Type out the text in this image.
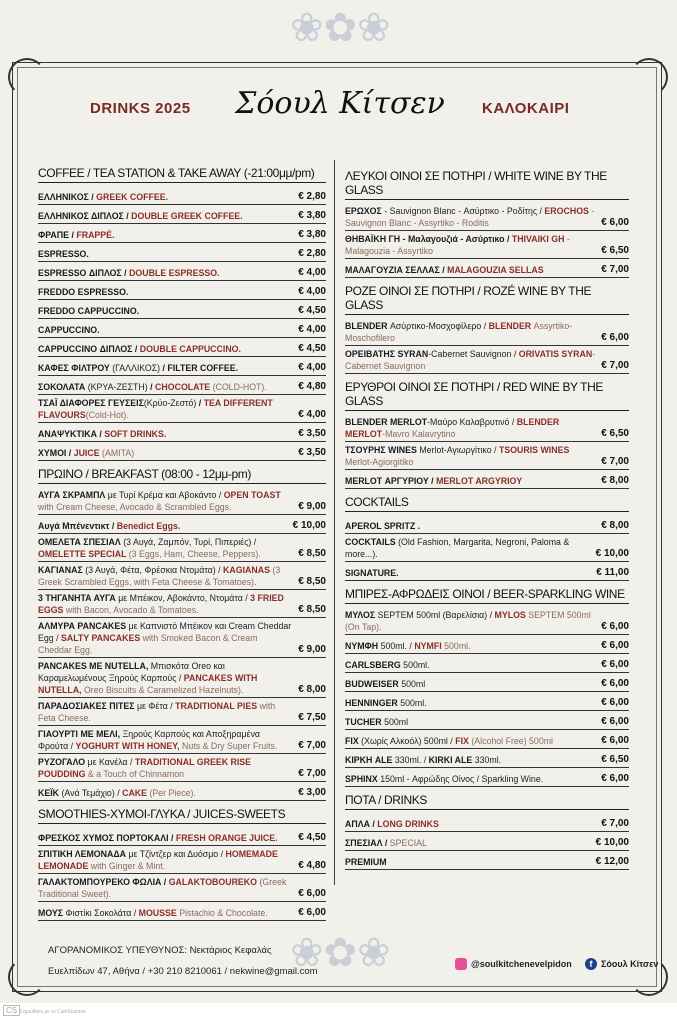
❀✿❀
❀✿❀
DRINKS 2025	Σόουλ Κίτσεν	ΚΑΛΟΚΑΙΡΙ
COFFEE / TEA STATION & TAKE AWAY (-21:00μμ/pm)
ΕΛΛΗΝΙΚΟΣ / GREEK COFFEE.	€ 2,80
ΕΛΛΗΝΙΚΟΣ ΔΙΠΛΟΣ / DOUBLE GREEK COFFEE.	€ 3,80
ΦΡΑΠΕ / FRAPPÉ.	€ 3,80
ESPRESSO.	€ 2,80
ESPRESSO ΔΙΠΛΟΣ / DOUBLE ESPRESSO.	€ 4,00
FREDDO ESPRESSO.	€ 4,00
FREDDO CAPPUCCINO.	€ 4,50
CAPPUCCINO.	€ 4,00
CAPPUCCINO ΔΙΠΛΟΣ / DOUBLE CAPPUCCINO.	€ 4,50
ΚΑΦΕΣ ΦΙΛΤΡΟΥ (ΓΑΛΛΙΚΟΣ) / FILTER COFFEE.	€ 4,00
ΣΟΚΟΛΑΤΑ (ΚΡΥΑ-ΖΕΣΤΗ) / CHOCOLATE (COLD-HOT).	€ 4,80
ΤΣΑΪ ΔΙΑΦΟΡΕΣ ΓΕΥΣΕΙΣ(Κρύο-Ζεστό) / TEA DIFFERENT FLAVOURS(Cold-Hot).	€ 4,00
ΑΝΑΨΥΚΤΙΚΑ / SOFT DRINKS.	€ 3,50
ΧΥΜΟΙ / JUICE (AMITA)	€ 3,50
ΠΡΩΙΝΟ / BREAKFAST (08:00 - 12μμ-pm)
ΑΥΓΑ ΣΚΡΑΜΠΛ με Τυρί Κρέμα και Αβοκάντο / OPEN TOAST with Cream Cheese, Avocado & Scrambled Eggs.	€ 9,00
Αυγά Μπένεντικτ / Benedict Eggs.	€ 10,00
ΟΜΕΛΕΤΑ ΣΠΕΣΙΑΛ (3 Αυγά, Ζαμπόν, Τυρί, Πιπεριές) / OMELETTE SPECIAL (3 Eggs, Ham, Cheese, Peppers).	€ 8,50
ΚΑΓΙΑΝΑΣ (3 Αυγά, Φέτα, Φρέσκια Ντομάτα) / KAGIANAS (3 Greek Scrambled Eggs, with Feta Cheese & Tomatoes).	€ 8,50
3 ΤΗΓΑΝΗΤΑ ΑΥΓΑ με Μπέικον, Αβοκάντο, Ντομάτα / 3 FRIED EGGS with Bacon, Avocado & Tomatoes.	€ 8,50
ΑΛΜΥΡΑ PANCAKES με Καπνιστό Μπέικον και Cream Cheddar Egg / SALTY PANCAKES with Smoked Bacon & Cream Cheddar Egg.	€ 9,00
PANCAKES ΜΕ NUTELLA, Μπισκότα Oreo και Καραμελωμένους Ξηρούς Καρπούς / PANCAKES WITH NUTELLA, Oreo Biscuits & Caramelized Hazelnuts).	€ 8,00
ΠΑΡΑΔΟΣΙΑΚΕΣ ΠΙΤΕΣ με Φέτα / TRADITIONAL PIES with Feta Cheese.	€ 7,50
ΓΙΑΟΥΡΤΙ ΜΕ ΜΕΛΙ, Ξηρούς Καρπούς και Αποξηραμένα Φρούτα / YOGHURT WITH HONEY, Nuts & Dry Super Fruits.	€ 7,00
ΡΥΖΟΓΑΛΟ με Κανέλα / TRADITIONAL GREEK RISE POUDDING & a Touch of Chinnamon	€ 7,00
ΚΕΪΚ (Ανά Τεμάχιο) / CAKE (Per Piece).	€ 3,00
SMOOTHIES-ΧΥΜΟΙ-ΓΛΥΚΑ / JUICES-SWEETS
ΦΡΕΣΚΟΣ ΧΥΜΟΣ ΠΟΡΤΟΚΑΛΙ / FRESH ORANGE JUICE.	€ 4,50
ΣΠΙΤΙΚΗ ΛΕΜΟΝΑΔΑ με Τζίντζερ και Δυόσμο / HOMEMADE LEMONADE with Ginger & Mint.	€ 4,80
ΓΑΛΑΚΤΟΜΠΟΥΡΕΚΟ ΦΩΛΙΑ / GALAKTOBOUREKO (Greek Traditional Sweet).	€ 6,00
ΜΟΥΣ Φιστίκι Σοκολάτα / MOUSSE Pistachio & Chocolate.	€ 6,00
ΛΕΥΚΟΙ ΟΙΝΟΙ ΣΕ ΠΟΤΗΡΙ / WHITE WINE BY THE GLASS
ΕΡΩΧΟΣ - Sauvignon Blanc - Ασύρτικο - Ροδίτης / EROCHOS - Sauvignon Blanc - Assyrtiko - Roditis	€ 6,00
ΘΗΒΑΪΚΗ ΓΗ - Μαλαγουζιά - Ασύρτικο / THIVAIKI GH - Malagouzia - Assyrtiko	€ 6,50
ΜΑΛΑΓΟΥΖΙΑ ΣΕΛΛΑΣ / MALAGOUZIA SELLAS	€ 7,00
ΡΟΖΕ ΟΙΝΟΙ ΣΕ ΠΟΤΗΡΙ / ROZÉ WINE BY THE GLASS
BLENDER Ασύρτικο-Μοσχοφίλερο / BLENDER Assyrtiko-Moschofilero	€ 6,00
ΟΡΕΙΒΑΤΗΣ SYRAN-Cabernet Sauvignon / ORIVATIS SYRAN-Cabernet Sauvignon	€ 7,00
ΕΡΥΘΡΟΙ ΟΙΝΟΙ ΣΕ ΠΟΤΗΡΙ / RED WINE BY THE GLASS
BLENDER MERLOT-Μαύρο Καλαβρυτινό / BLENDER MERLOT-Mavro Kalavrytino	€ 6,50
ΤΣΟΥΡΗΣ WINES Merlot-Αγιωργίτικο / TSOURIS WINES Merlot-Agiorgitiko	€ 7,00
MERLOT ΑΡΓΥΡΙΟΥ / MERLOT ARGYRIOY	€ 8,00
COCKTAILS
APEROL SPRITZ .	€ 8,00
COCKTAILS (Old Fashion, Margarita, Negroni, Paloma & more...).	€ 10,00
SIGNATURE.	€ 11,00
ΜΠΙΡΕΣ-ΑΦΡΩΔΕΙΣ ΟΙΝΟΙ / BEER-SPARKLING WINE
ΜΥΛΟΣ SEPTEM 500ml (Βαρελίσια) / MYLOS SEPTEM 500ml (On Tap).	€ 6,00
ΝΥΜΦΗ 500ml. / NYMFI 500ml.	€ 6,00
CARLSBERG 500ml.	€ 6,00
BUDWEISER 500ml	€ 6,00
HENNINGER 500ml.	€ 6,00
TUCHER 500ml	€ 6,00
FIX (Χωρίς Αλκοόλ) 500ml / FIX (Alcohol Free) 500ml	€ 6,00
ΚΙΡΚΗ ALE 330ml. / KIRKI ALE 330ml.	€ 6,50
SPHINX 150ml - Αφρώδης Οίνος / Sparkling Wine.	€ 6,00
ΠΟΤΑ / DRINKS
ΑΠΛΑ / LONG DRINKS	€ 7,00
ΣΠΕΣΙΑΛ / SPECIAL	€ 10,00
PREMIUM	€ 12,00
ΑΓΟΡΑΝΟΜΙΚΟΣ ΥΠΕΥΘΥΝΟΣ: Νεκτάριος Κεφαλάς
Ευελπίδων 47, Αθήνα / +30 210 8210061 / nekwine@gmail.com
@soulkitchenevelpidon	f Σόουλ Κίτσεν
CS Σαρώθηκε με το CamScanner
